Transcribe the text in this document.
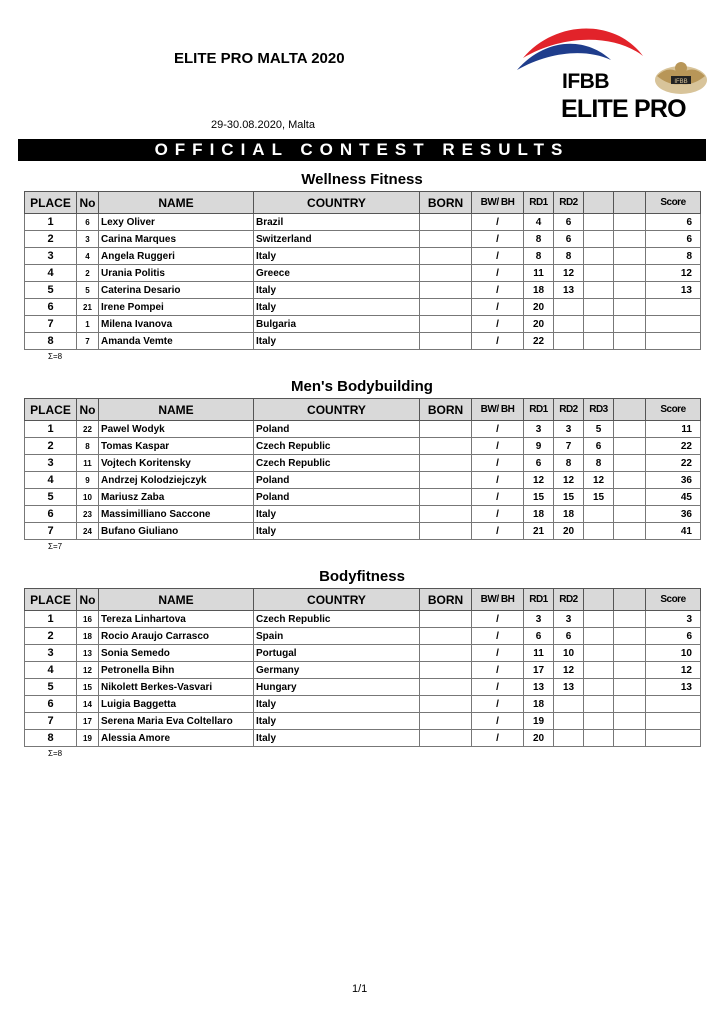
ELITE PRO MALTA 2020
29-30.08.2020, Malta
IFBB
IFBB
ELITE PRO
OFFICIAL CONTEST RESULTS
Wellness Fitness
PLACE	No	NAME	COUNTRY	BORN	BW/ BH	RD1	RD2			Score
1	6	Lexy Oliver	Brazil		/	4	6			6
2	3	Carina Marques	Switzerland		/	8	6			6
3	4	Angela Ruggeri	Italy		/	8	8			8
4	2	Urania Politis	Greece		/	11	12			12
5	5	Caterina Desario	Italy		/	18	13			13
6	21	Irene Pompei	Italy		/	20				
7	1	Milena Ivanova	Bulgaria		/	20				
8	7	Amanda Vemte	Italy		/	22				
Σ=8
Men's Bodybuilding
PLACE	No	NAME	COUNTRY	BORN	BW/ BH	RD1	RD2	RD3		Score
1	22	Pawel Wodyk	Poland		/	3	3	5		11
2	8	Tomas Kaspar	Czech Republic		/	9	7	6		22
3	11	Vojtech Koritensky	Czech Republic		/	6	8	8		22
4	9	Andrzej Kolodziejczyk	Poland		/	12	12	12		36
5	10	Mariusz Zaba	Poland		/	15	15	15		45
6	23	Massimilliano Saccone	Italy		/	18	18			36
7	24	Bufano Giuliano	Italy		/	21	20			41
Σ=7
Bodyfitness
PLACE	No	NAME	COUNTRY	BORN	BW/ BH	RD1	RD2			Score
1	16	Tereza Linhartova	Czech Republic		/	3	3			3
2	18	Rocio Araujo Carrasco	Spain		/	6	6			6
3	13	Sonia Semedo	Portugal		/	11	10			10
4	12	Petronella Bihn	Germany		/	17	12			12
5	15	Nikolett Berkes-Vasvari	Hungary		/	13	13			13
6	14	Luigia Baggetta	Italy		/	18				
7	17	Serena Maria Eva Coltellaro	Italy		/	19				
8	19	Alessia Amore	Italy		/	20				
Σ=8
1/1
